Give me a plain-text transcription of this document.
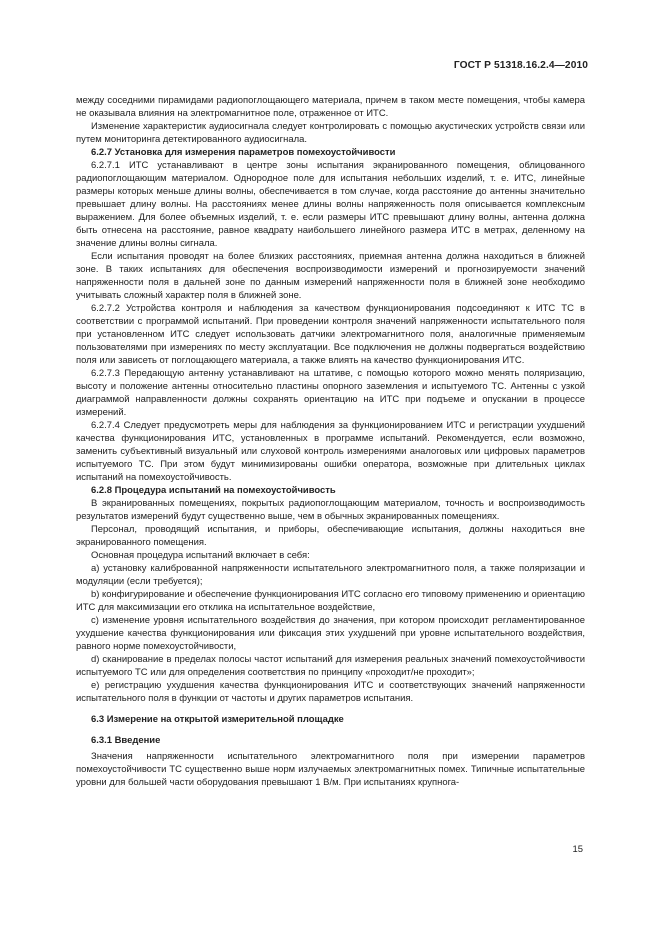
ГОСТ Р 51318.16.2.4—2010

между соседними пирамидами радиопоглощающего материала, причем в таком месте помещения, чтобы камера не оказывала влияния на электромагнитное поле, отраженное от ИТС.

Изменение характеристик аудиосигнала следует контролировать с помощью акустических устройств связи или путем мониторинга детектированного аудиосигнала.

6.2.7 Установка для измерения параметров помехоустойчивости

6.2.7.1 ИТС устанавливают в центре зоны испытания экранированного помещения, облицованного радиопоглощающим материалом. Однородное поле для испытания небольших изделий, т. е. ИТС, линейные размеры которых меньше длины волны, обеспечивается в том случае, когда расстояние до антенны значительно превышает длину волны. На расстояниях менее длины волны напряженность поля описывается комплексным выражением. Для более объемных изделий, т. е. если размеры ИТС превышают длину волны, антенна должна быть отнесена на расстояние, равное квадрату наибольшего линейного размера ИТС в метрах, деленному на значение длины волны сигнала.

Если испытания проводят на более близких расстояниях, приемная антенна должна находиться в ближней зоне. В таких испытаниях для обеспечения воспроизводимости измерений и прогнозируемости значений напряженности поля в дальней зоне по данным измерений напряженности поля в ближней зоне необходимо учитывать сложный характер поля в ближней зоне.

6.2.7.2 Устройства контроля и наблюдения за качеством функционирования подсоединяют к ИТС ТС в соответствии с программой испытаний. При проведении контроля значений напряженности испытательного поля при установленном ИТС следует использовать датчики электромагнитного поля, аналогичные применяемым пользователями при измерениях по месту эксплуатации. Все подключения не должны подвергаться воздействию поля или зависеть от поглощающего материала, а также влиять на качество функционирования ИТС.

6.2.7.3 Передающую антенну устанавливают на штативе, с помощью которого можно менять поляризацию, высоту и положение антенны относительно пластины опорного заземления и испытуемого ТС. Антенны с узкой диаграммой направленности должны сохранять ориентацию на ИТС при подъеме и опускании в процессе измерений.

6.2.7.4 Следует предусмотреть меры для наблюдения за функционированием ИТС и регистрации ухудшений качества функционирования ИТС, установленных в программе испытаний. Рекомендуется, если возможно, заменить субъективный визуальный или слуховой контроль измерениями аналоговых или цифровых параметров испытуемого ТС. При этом будут минимизированы ошибки оператора, возможные при длительных циклах испытаний на помехоустойчивость.

6.2.8 Процедура испытаний на помехоустойчивость

В экранированных помещениях, покрытых радиопоглощающим материалом, точность и воспроизводимость результатов измерений будут существенно выше, чем в обычных экранированных помещениях.

Персонал, проводящий испытания, и приборы, обеспечивающие испытания, должны находиться вне экранированного помещения.

Основная процедура испытаний включает в себя:

a) установку калиброванной напряженности испытательного электромагнитного поля, а также поляризации и модуляции (если требуется);

b) конфигурирование и обеспечение функционирования ИТС согласно его типовому применению и ориентацию ИТС для максимизации его отклика на испытательное воздействие,

c) изменение уровня испытательного воздействия до значения, при котором происходит регламентированное ухудшение качества функционирования или фиксация этих ухудшений при уровне испытательного воздействия, равного норме помехоустойчивости,

d) сканирование в пределах полосы частот испытаний для измерения реальных значений помехоустойчивости испытуемого ТС или для определения соответствия по принципу «проходит/не проходит»;

e) регистрацию ухудшения качества функционирования ИТС и соответствующих значений напряженности испытательного поля в функции от частоты и других параметров испытания.

6.3 Измерение на открытой измерительной площадке

6.3.1 Введение

Значения напряженности испытательного электромагнитного поля при измерении параметров помехоустойчивости ТС существенно выше норм излучаемых электромагнитных помех. Типичные испытательные уровни для большей части оборудования превышают 1 В/м. При испытаниях крупнога-

15
